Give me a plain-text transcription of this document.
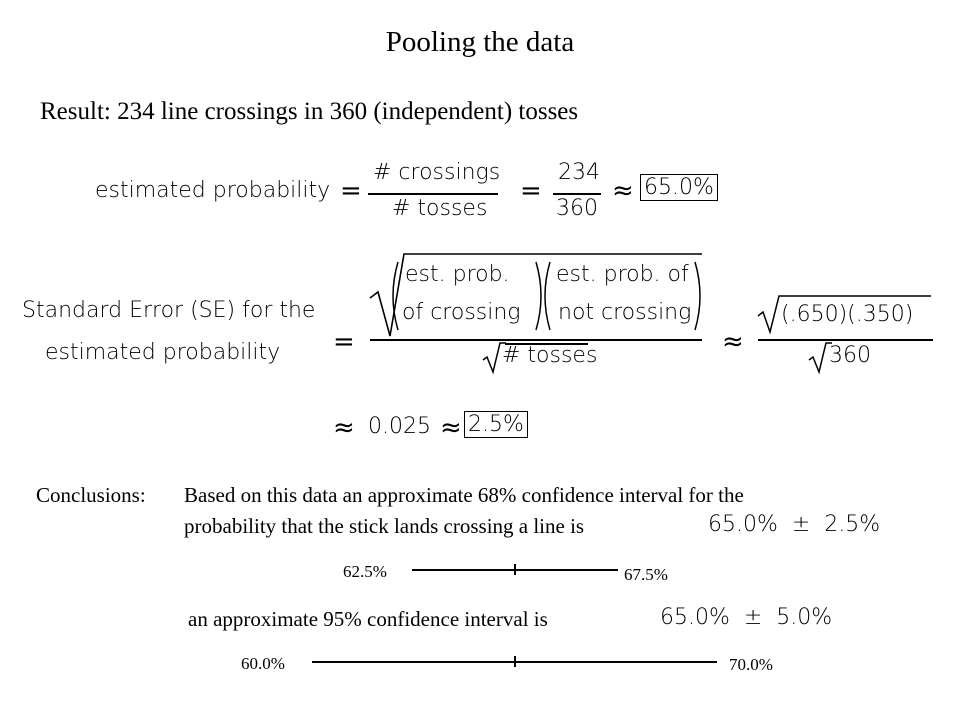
Pooling the data
Result: 234 line crossings in 360 (independent) tosses
estimated probability =
# crossings
# tosses
=
234
360
≈ 65.0%
Standard Error (SE) for the
estimated probability =
est. prob.
of crossing
est. prob. of
not crossing
# tosses	≈
(.650)(.350)
360
≈ 0.025 ≈ 2.5%
Conclusions: Based on this data an approximate 68% confidence interval for the
probability that the stick lands crossing a line is	65.0%  ±  2.5%
62.5%	67.5%
an approximate 95% confidence interval is	65.0%  ±  5.0%
60.0%	70.0%
